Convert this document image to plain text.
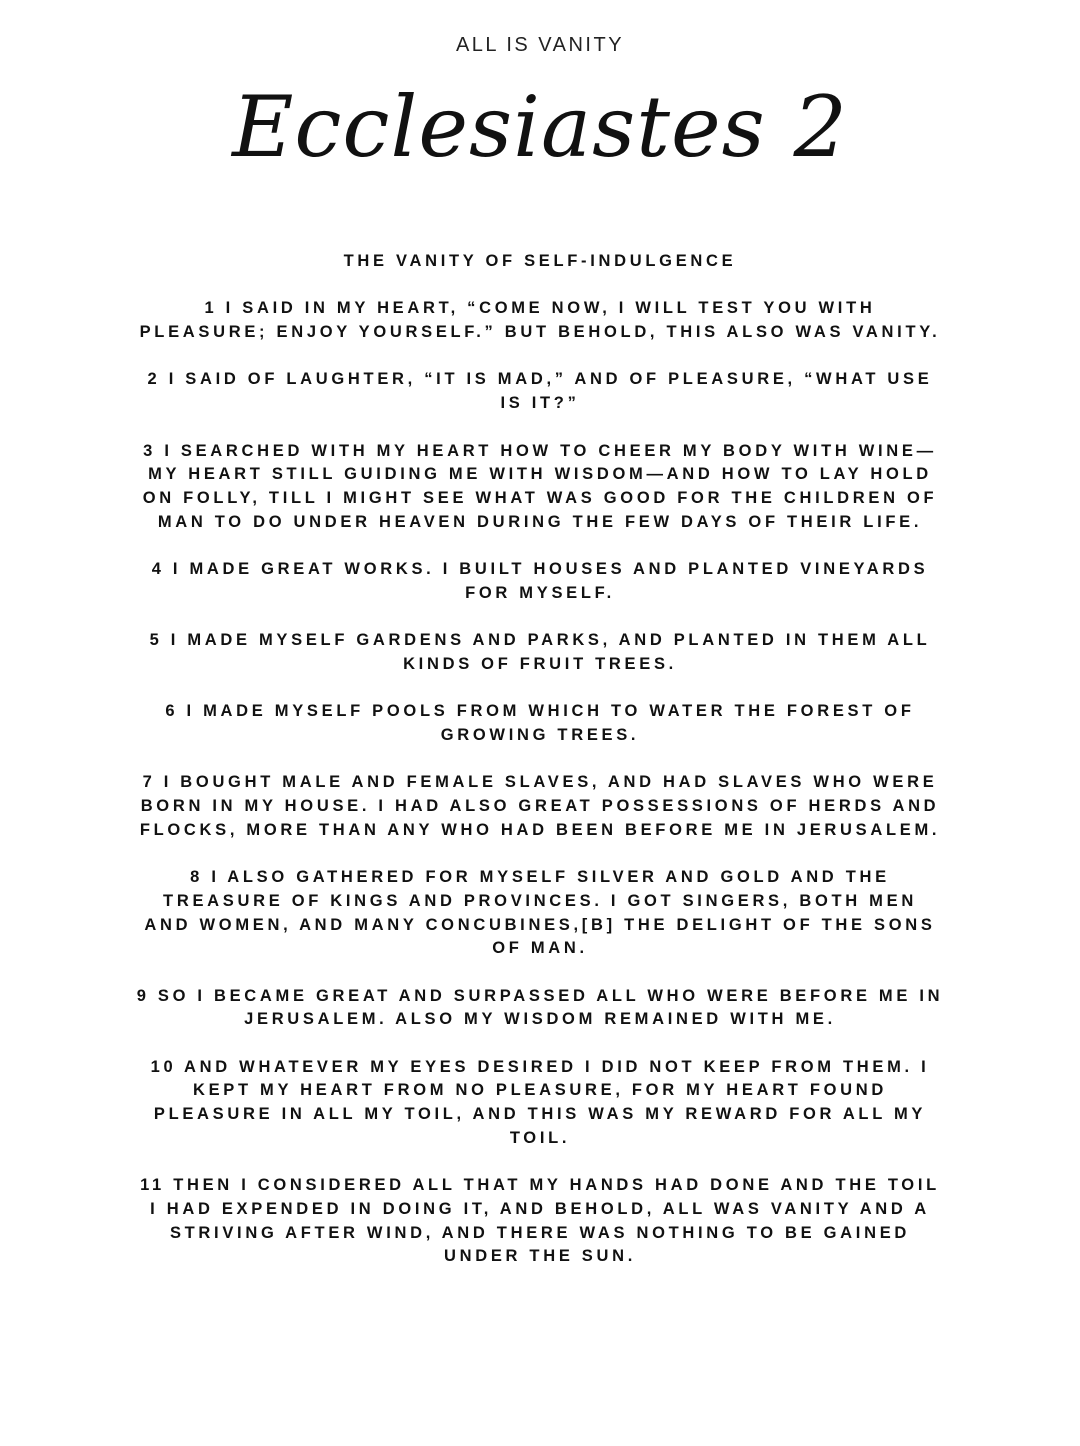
ALL IS VANITY
Ecclesiastes 2
THE VANITY OF SELF-INDULGENCE
1 I SAID IN MY HEART, “COME NOW, I WILL TEST YOU WITH
PLEASURE; ENJOY YOURSELF.” BUT BEHOLD, THIS ALSO WAS VANITY.
2 I SAID OF LAUGHTER, “IT IS MAD,” AND OF PLEASURE, “WHAT USE
IS IT?”
3 I SEARCHED WITH MY HEART HOW TO CHEER MY BODY WITH WINE—
MY HEART STILL GUIDING ME WITH WISDOM—AND HOW TO LAY HOLD
ON FOLLY, TILL I MIGHT SEE WHAT WAS GOOD FOR THE CHILDREN OF
MAN TO DO UNDER HEAVEN DURING THE FEW DAYS OF THEIR LIFE.
4 I MADE GREAT WORKS. I BUILT HOUSES AND PLANTED VINEYARDS
FOR MYSELF.
5 I MADE MYSELF GARDENS AND PARKS, AND PLANTED IN THEM ALL
KINDS OF FRUIT TREES.
6 I MADE MYSELF POOLS FROM WHICH TO WATER THE FOREST OF
GROWING TREES.
7 I BOUGHT MALE AND FEMALE SLAVES, AND HAD SLAVES WHO WERE
BORN IN MY HOUSE. I HAD ALSO GREAT POSSESSIONS OF HERDS AND
FLOCKS, MORE THAN ANY WHO HAD BEEN BEFORE ME IN JERUSALEM.
8 I ALSO GATHERED FOR MYSELF SILVER AND GOLD AND THE
TREASURE OF KINGS AND PROVINCES. I GOT SINGERS, BOTH MEN
AND WOMEN, AND MANY CONCUBINES,[B] THE DELIGHT OF THE SONS
OF MAN.
9 SO I BECAME GREAT AND SURPASSED ALL WHO WERE BEFORE ME IN
JERUSALEM. ALSO MY WISDOM REMAINED WITH ME.
10 AND WHATEVER MY EYES DESIRED I DID NOT KEEP FROM THEM. I
KEPT MY HEART FROM NO PLEASURE, FOR MY HEART FOUND
PLEASURE IN ALL MY TOIL, AND THIS WAS MY REWARD FOR ALL MY
TOIL.
11 THEN I CONSIDERED ALL THAT MY HANDS HAD DONE AND THE TOIL
I HAD EXPENDED IN DOING IT, AND BEHOLD, ALL WAS VANITY AND A
STRIVING AFTER WIND, AND THERE WAS NOTHING TO BE GAINED
UNDER THE SUN.
